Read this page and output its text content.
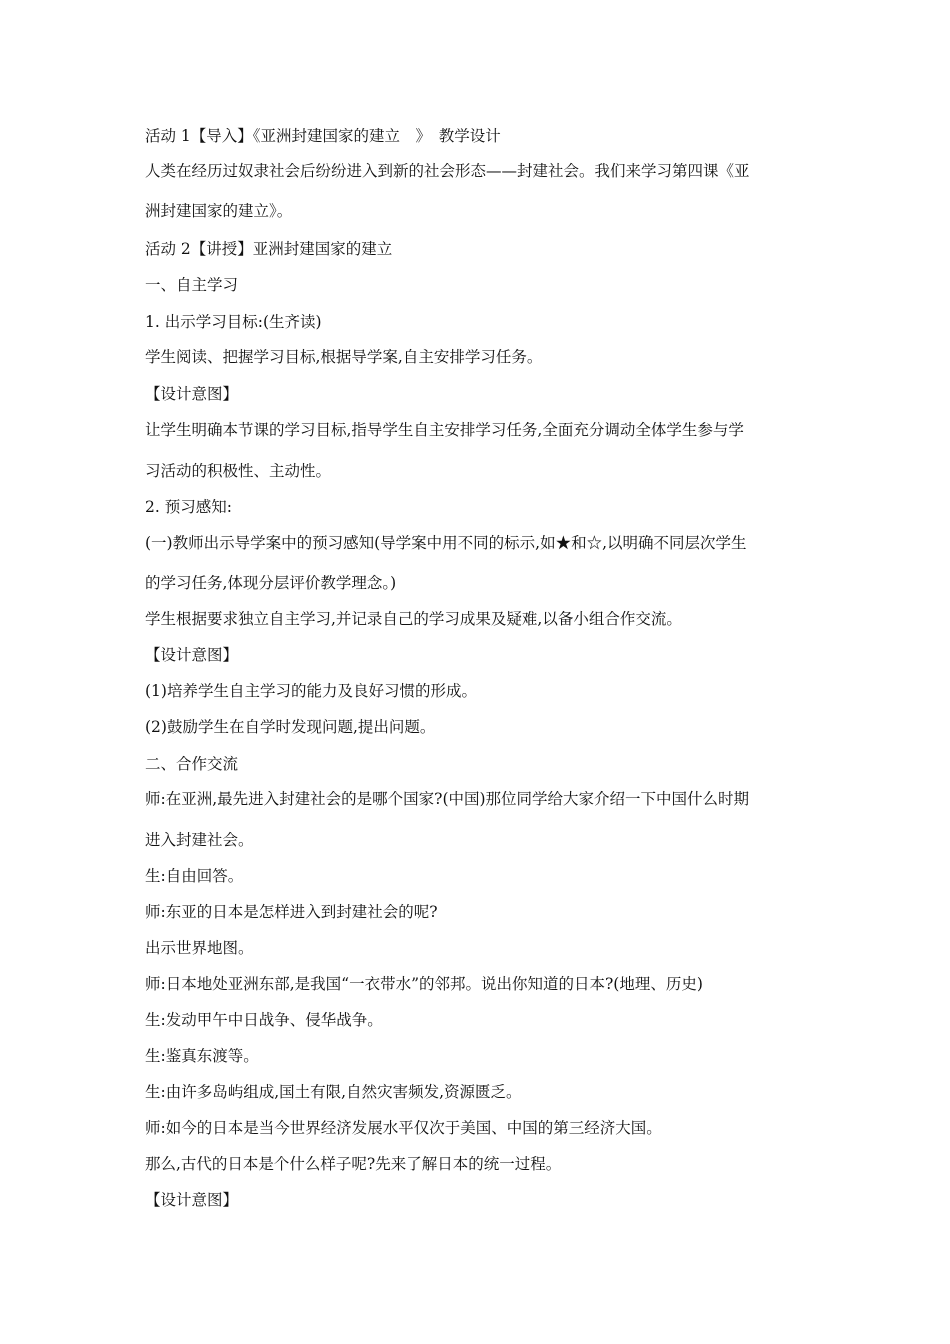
活动 1【导入】《亚洲封建国家的建立　》　教学设计
人类在经历过奴隶社会后纷纷进入到新的社会形态——封建社会。我们来学习第四课《亚
洲封建国家的建立》。
活动 2【讲授】亚洲封建国家的建立
一、自主学习
1. 出示学习目标:(生齐读)
学生阅读、把握学习目标,根据导学案,自主安排学习任务。
【设计意图】
让学生明确本节课的学习目标,指导学生自主安排学习任务,全面充分调动全体学生参与学
习活动的积极性、主动性。
2. 预习感知:
(一)教师出示导学案中的预习感知(导学案中用不同的标示,如★和☆,以明确不同层次学生
的学习任务,体现分层评价教学理念。)
学生根据要求独立自主学习,并记录自己的学习成果及疑难,以备小组合作交流。
【设计意图】
(1)培养学生自主学习的能力及良好习惯的形成。
(2)鼓励学生在自学时发现问题,提出问题。
二、合作交流
师:在亚洲,最先进入封建社会的是哪个国家?(中国)那位同学给大家介绍一下中国什么时期
进入封建社会。
生:自由回答。
师:东亚的日本是怎样进入到封建社会的呢?
出示世界地图。
师:日本地处亚洲东部,是我国“一衣带水”的邻邦。说出你知道的日本?(地理、历史)
生:发动甲午中日战争、侵华战争。
生:鉴真东渡等。
生:由许多岛屿组成,国土有限,自然灾害频发,资源匮乏。
师:如今的日本是当今世界经济发展水平仅次于美国、中国的第三经济大国。
那么,古代的日本是个什么样子呢?先来了解日本的统一过程。
【设计意图】
